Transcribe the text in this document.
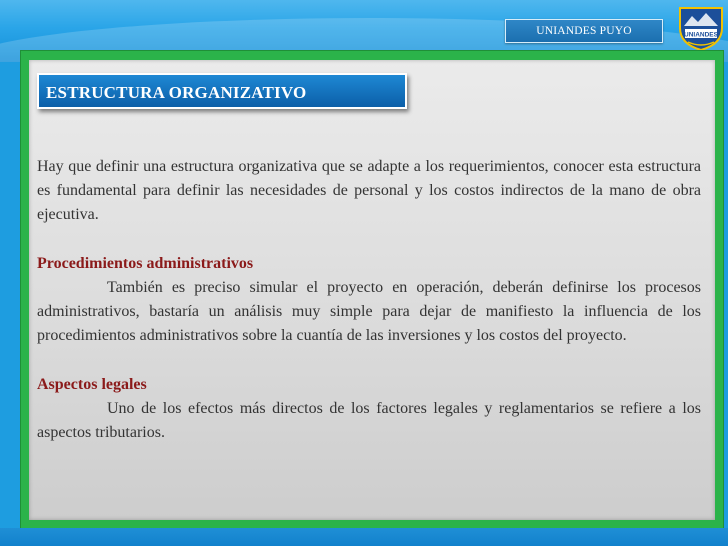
UNIANDES PUYO	UNIANDES
ESTRUCTURA ORGANIZATIVO

Hay que definir una estructura organizativa que se adapte a los requerimientos, conocer esta estructura es fundamental para definir las necesidades de personal y los costos indirectos de la mano de obra ejecutiva.

Procedimientos administrativos
También es preciso simular el proyecto en operación, deberán definirse los procesos administrativos, bastaría un análisis muy simple para dejar de manifiesto la influencia de los procedimientos administrativos sobre la cuantía de las inversiones y los costos del proyecto.

Aspectos legales
Uno de los efectos más directos de los factores legales y reglamentarios se refiere a los aspectos tributarios.
